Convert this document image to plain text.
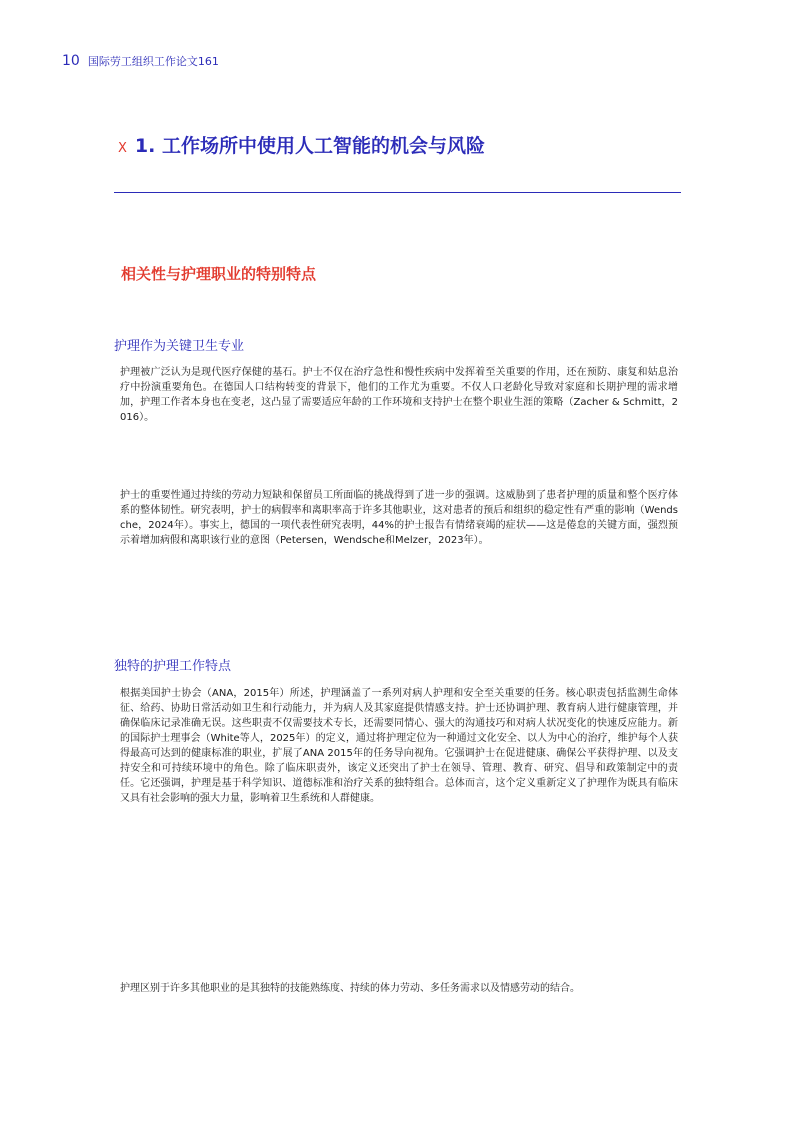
10 国际劳工组织工作论文161
X 1. 工作场所中使用人工智能的机会与风险
相关性与护理职业的特别特点
护理作为关键卫生专业

护理被广泛认为是现代医疗保健的基石。护士不仅在治疗急性和慢性疾病中发挥着至关重要的作用，还在预防、康复和姑息治疗中扮演重要角色。在德国人口结构转变的背景下，他们的工作尤为重要。不仅人口老龄化导致对家庭和长期护理的需求增加，护理工作者本身也在变老，这凸显了需要适应年龄的工作环境和支持护士在整个职业生涯的策略（Zacher & Schmitt，2016）。

护士的重要性通过持续的劳动力短缺和保留员工所面临的挑战得到了进一步的强调。这威胁到了患者护理的质量和整个医疗体系的整体韧性。研究表明，护士的病假率和离职率高于许多其他职业，这对患者的预后和组织的稳定性有严重的影响（Wendsche，2024年）。事实上，德国的一项代表性研究表明，44%的护士报告有情绪衰竭的症状——这是倦怠的关键方面，强烈预示着增加病假和离职该行业的意图（Petersen，Wendsche和Melzer，2023年）。

独特的护理工作特点

根据美国护士协会（ANA，2015年）所述，护理涵盖了一系列对病人护理和安全至关重要的任务。核心职责包括监测生命体征、给药、协助日常活动如卫生和行动能力，并为病人及其家庭提供情感支持。护士还协调护理、教育病人进行健康管理，并确保临床记录准确无误。这些职责不仅需要技术专长，还需要同情心、强大的沟通技巧和对病人状况变化的快速反应能力。新的国际护士理事会（White等人，2025年）的定义，通过将护理定位为一种通过文化安全、以人为中心的治疗，维护每个人获得最高可达到的健康标准的职业，扩展了ANA 2015年的任务导向视角。它强调护士在促进健康、确保公平获得护理、以及支持安全和可持续环境中的角色。除了临床职责外，该定义还突出了护士在领导、管理、教育、研究、倡导和政策制定中的责任。它还强调，护理是基于科学知识、道德标准和治疗关系的独特组合。总体而言，这个定义重新定义了护理作为既具有临床又具有社会影响的强大力量，影响着卫生系统和人群健康。

护理区别于许多其他职业的是其独特的技能熟练度、持续的体力劳动、多任务需求以及情感劳动的结合。
